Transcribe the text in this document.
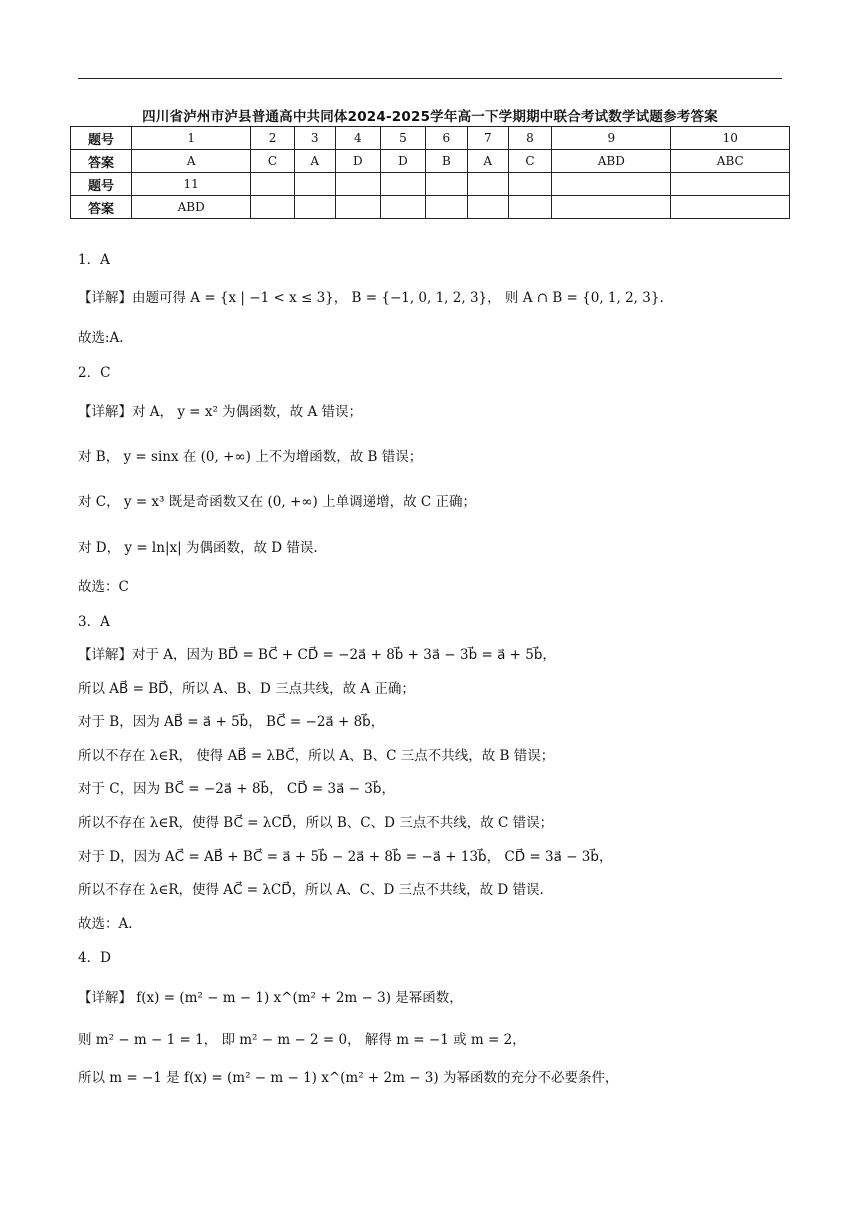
四川省泸州市泸县普通高中共同体2024-2025学年高一下学期期中联合考试数学试题参考答案
题号	1	2	3	4	5	6	7	8	9	10
答案	A	C	A	D	D	B	A	C	ABD	ABC
题号	11									
答案	ABD									
1．A
【详解】由题可得 A = {x | −1 < x ≤ 3}， B = {−1, 0, 1, 2, 3}， 则 A ∩ B = {0, 1, 2, 3}.
故选:A.
2．C
【详解】对 A， y = x² 为偶函数，故 A 错误；
对 B， y = sinx 在 (0, +∞) 上不为增函数，故 B 错误；
对 C， y = x³ 既是奇函数又在 (0, +∞) 上单调递增，故 C 正确；
对 D， y = ln|x| 为偶函数，故 D 错误.
故选：C
3．A
【详解】对于 A，因为 BD⃗ = BC⃗ + CD⃗ = −2a⃗ + 8b⃗ + 3a⃗ − 3b⃗ = a⃗ + 5b⃗，
所以 AB⃗ = BD⃗，所以 A、B、D 三点共线，故 A 正确；
对于 B，因为 AB⃗ = a⃗ + 5b⃗， BC⃗ = −2a⃗ + 8b⃗，
所以不存在 λ∈R， 使得 AB⃗ = λBC⃗，所以 A、B、C 三点不共线，故 B 错误；
对于 C，因为 BC⃗ = −2a⃗ + 8b⃗， CD⃗ = 3a⃗ − 3b⃗，
所以不存在 λ∈R，使得 BC⃗ = λCD⃗，所以 B、C、D 三点不共线，故 C 错误；
对于 D，因为 AC⃗ = AB⃗ + BC⃗ = a⃗ + 5b⃗ − 2a⃗ + 8b⃗ = −a⃗ + 13b⃗， CD⃗ = 3a⃗ − 3b⃗，
所以不存在 λ∈R，使得 AC⃗ = λCD⃗，所以 A、C、D 三点不共线，故 D 错误.
故选：A.
4．D
【详解】 f(x) = (m² − m − 1) x^(m² + 2m − 3) 是幂函数，
则 m² − m − 1 = 1， 即 m² − m − 2 = 0， 解得 m = −1 或 m = 2，
所以 m = −1 是 f(x) = (m² − m − 1) x^(m² + 2m − 3) 为幂函数的充分不必要条件，
